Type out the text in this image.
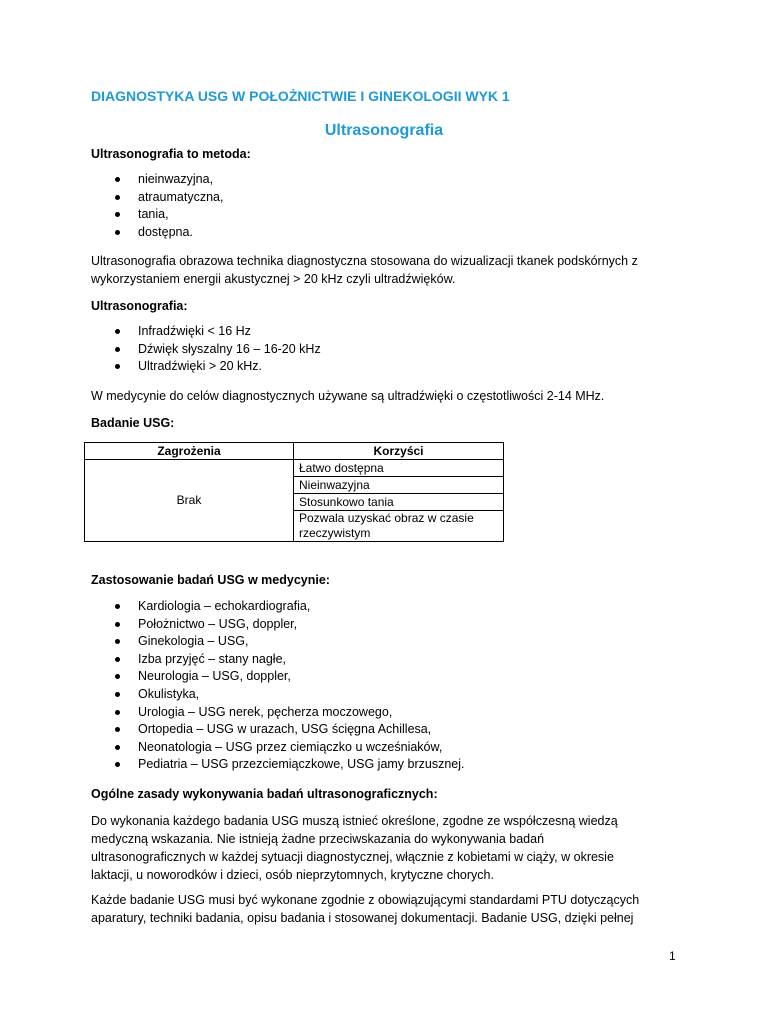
DIAGNOSTYKA USG W POŁOŻNICTWIE I GINEKOLOGII WYK 1
Ultrasonografia

Ultrasonografia to metoda:

nieinwazyjna,
atraumatyczna,
tania,
dostępna.

Ultrasonografia obrazowa technika diagnostyczna stosowana do wizualizacji tkanek podskórnych z
wykorzystaniem energii akustycznej > 20 kHz czyli ultradźwięków.

Ultrasonografia:

Infradźwięki < 16 Hz
Dźwięk słyszalny 16 – 16-20 kHz
Ultradźwięki > 20 kHz.

W medycynie do celów diagnostycznych używane są ultradźwięki o częstotliwości 2-14 MHz.

Badanie USG:

Zagrożenia	Korzyści
Brak	Łatwo dostępna
	Nieinwazyjna
	Stosunkowo tania
	Pozwala uzyskać obraz w czasie
rzeczywistym

Zastosowanie badań USG w medycynie:

Kardiologia – echokardiografia,
Położnictwo – USG, doppler,
Ginekologia – USG,
Izba przyjęć – stany nagłe,
Neurologia – USG, doppler,
Okulistyka,
Urologia – USG nerek, pęcherza moczowego,
Ortopedia – USG w urazach, USG ścięgna Achillesa,
Neonatologia – USG przez ciemiączko u wcześniaków,
Pediatria – USG przezciemiączkowe, USG jamy brzusznej.

Ogólne zasady wykonywania badań ultrasonograficznych:

Do wykonania każdego badania USG muszą istnieć określone, zgodne ze współczesną wiedzą
medyczną wskazania. Nie istnieją żadne przeciwskazania do wykonywania badań
ultrasonograficznych w każdej sytuacji diagnostycznej, włącznie z kobietami w ciąży, w okresie
laktacji, u noworodków i dzieci, osób nieprzytomnych, krytyczne chorych.

Każde badanie USG musi być wykonane zgodnie z obowiązującymi standardami PTU dotyczących
aparatury, techniki badania, opisu badania i stosowanej dokumentacji. Badanie USG, dzięki pełnej

1
